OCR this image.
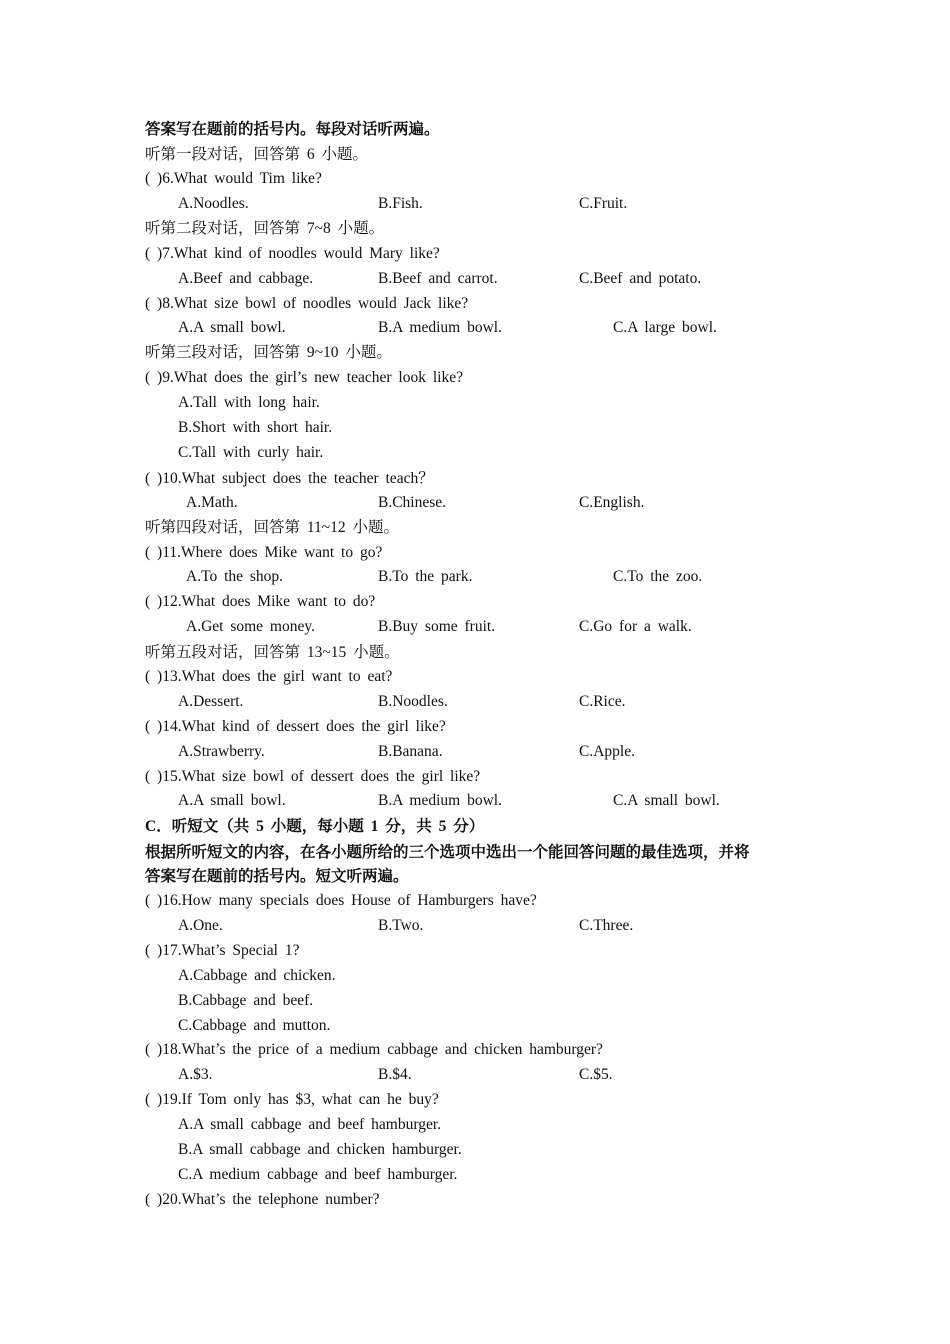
答案写在题前的括号内。每段对话听两遍。
听第一段对话，回答第 6 小题。
( )6.What would Tim like?
A.Noodles.	B.Fish.	C.Fruit.
听第二段对话，回答第 7~8 小题。
( )7.What kind of noodles would Mary like?
A.Beef and cabbage.	B.Beef and carrot.	C.Beef and potato.
( )8.What size bowl of noodles would Jack like?
A.A small bowl.	B.A medium bowl.	C.A large bowl.
听第三段对话，回答第 9~10 小题。
( )9.What does the girl’s new teacher look like?
A.Tall with long hair.
B.Short with short hair.
C.Tall with curly hair.
( )10.What subject does the teacher teach？
A.Math.	B.Chinese.	C.English.
听第四段对话，回答第 11~12 小题。
( )11.Where does Mike want to go?
A.To the shop.	B.To the park.	C.To the zoo.
( )12.What does Mike want to do?
A.Get some money.	B.Buy some fruit.	C.Go for a walk.
听第五段对话，回答第 13~15 小题。
( )13.What does the girl want to eat?
A.Dessert.	B.Noodles.	C.Rice.
( )14.What kind of dessert does the girl like?
A.Strawberry.	B.Banana.	C.Apple.
( )15.What size bowl of dessert does the girl like?
A.A small bowl.	B.A medium bowl.	C.A small bowl.
C．听短文（共 5 小题，每小题 1 分，共 5 分）
根据所听短文的内容，在各小题所给的三个选项中选出一个能回答问题的最佳选项，并将
答案写在题前的括号内。短文听两遍。
( )16.How many specials does House of Hamburgers have?
A.One.	B.Two.	C.Three.
( )17.What’s Special 1?
A.Cabbage and chicken.
B.Cabbage and beef.
C.Cabbage and mutton.
( )18.What’s the price of a medium cabbage and chicken hamburger?
A.$3.	B.$4.	C.$5.
( )19.If Tom only has $3, what can he buy?
A.A small cabbage and beef hamburger.
B.A small cabbage and chicken hamburger.
C.A medium cabbage and beef hamburger.
( )20.What’s the telephone number?
